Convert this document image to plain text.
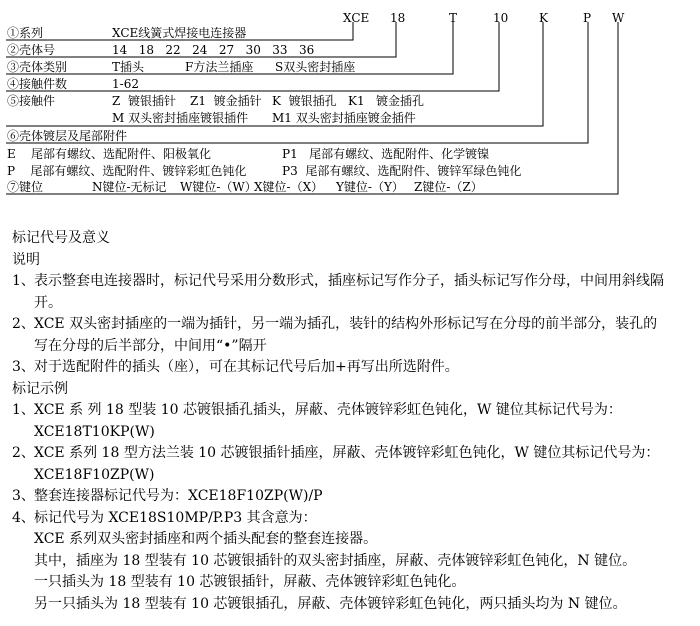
XCE 18	T	10	K	P W
①系列	XCE线簧式焊接电连接器
②壳体号	14   18   22   24   27   30   33   36
③壳体类别	T插头	F方法兰插座 S双头密封插座
④接触件数	1-62
⑤接触件	Z  镀银插针 Z1  镀金插针 K  镀银插孔 K1   镀金插孔
M 双头密封插座镀银插件 M1 双头密封插座镀金插件
⑥壳体镀层及尾部附件
E    尾部有螺纹、选配附件、阳极氧化	P1   尾部有螺纹、选配附件、化学镀镍
P    尾部有螺纹、选配附件、镀锌彩虹色钝化	P3  尾部有螺纹、选配附件、镀锌军绿色钝化
⑦键位	N键位-无标记 W键位-（W）
X键位-（X） Y键位-（Y） Z键位-（Z）
标记代号及意义
说明
1、 表示整套电连接器时，标记代号采用分数形式，插座标记写作分子，插头标记写作分母，中间用斜线隔
开。
2、 XCE 双头密封插座的一端为插针，另一端为插孔，装针的结构外形标记写在分母的前半部分，装孔的
写在分母的后半部分，中间用“•”隔开
3、 对于选配附件的插头（座），可在其标记代号后加+再写出所选附件。
标记示例
1、 XCE 系 列 18 型装 10 芯镀银插孔插头，屏蔽、壳体镀锌彩虹色钝化，W 键位其标记代号为：
XCE18T10KP(W)
2、 XCE 系列 18 型方法兰装 10 芯镀银插针插座，屏蔽、壳体镀锌彩虹色钝化，W 键位其标记代号为：
XCE18F10ZP(W)
3、 整套连接器标记代号为：XCE18F10ZP(W)/P
4、 标记代号为 XCE18S10MP/P.P3 其含意为：
XCE 系列双头密封插座和两个插头配套的整套连接器。
其中，插座为 18 型装有 10 芯镀银插针的双头密封插座，屏蔽、壳体镀锌彩虹色钝化，N 键位。
一只插头为 18 型装有 10 芯镀银插针，屏蔽、壳体镀锌彩虹色钝化。
另一只插头为 18 型装有 10 芯镀银插孔，屏蔽、壳体镀锌彩虹色钝化，两只插头均为 N 键位。
